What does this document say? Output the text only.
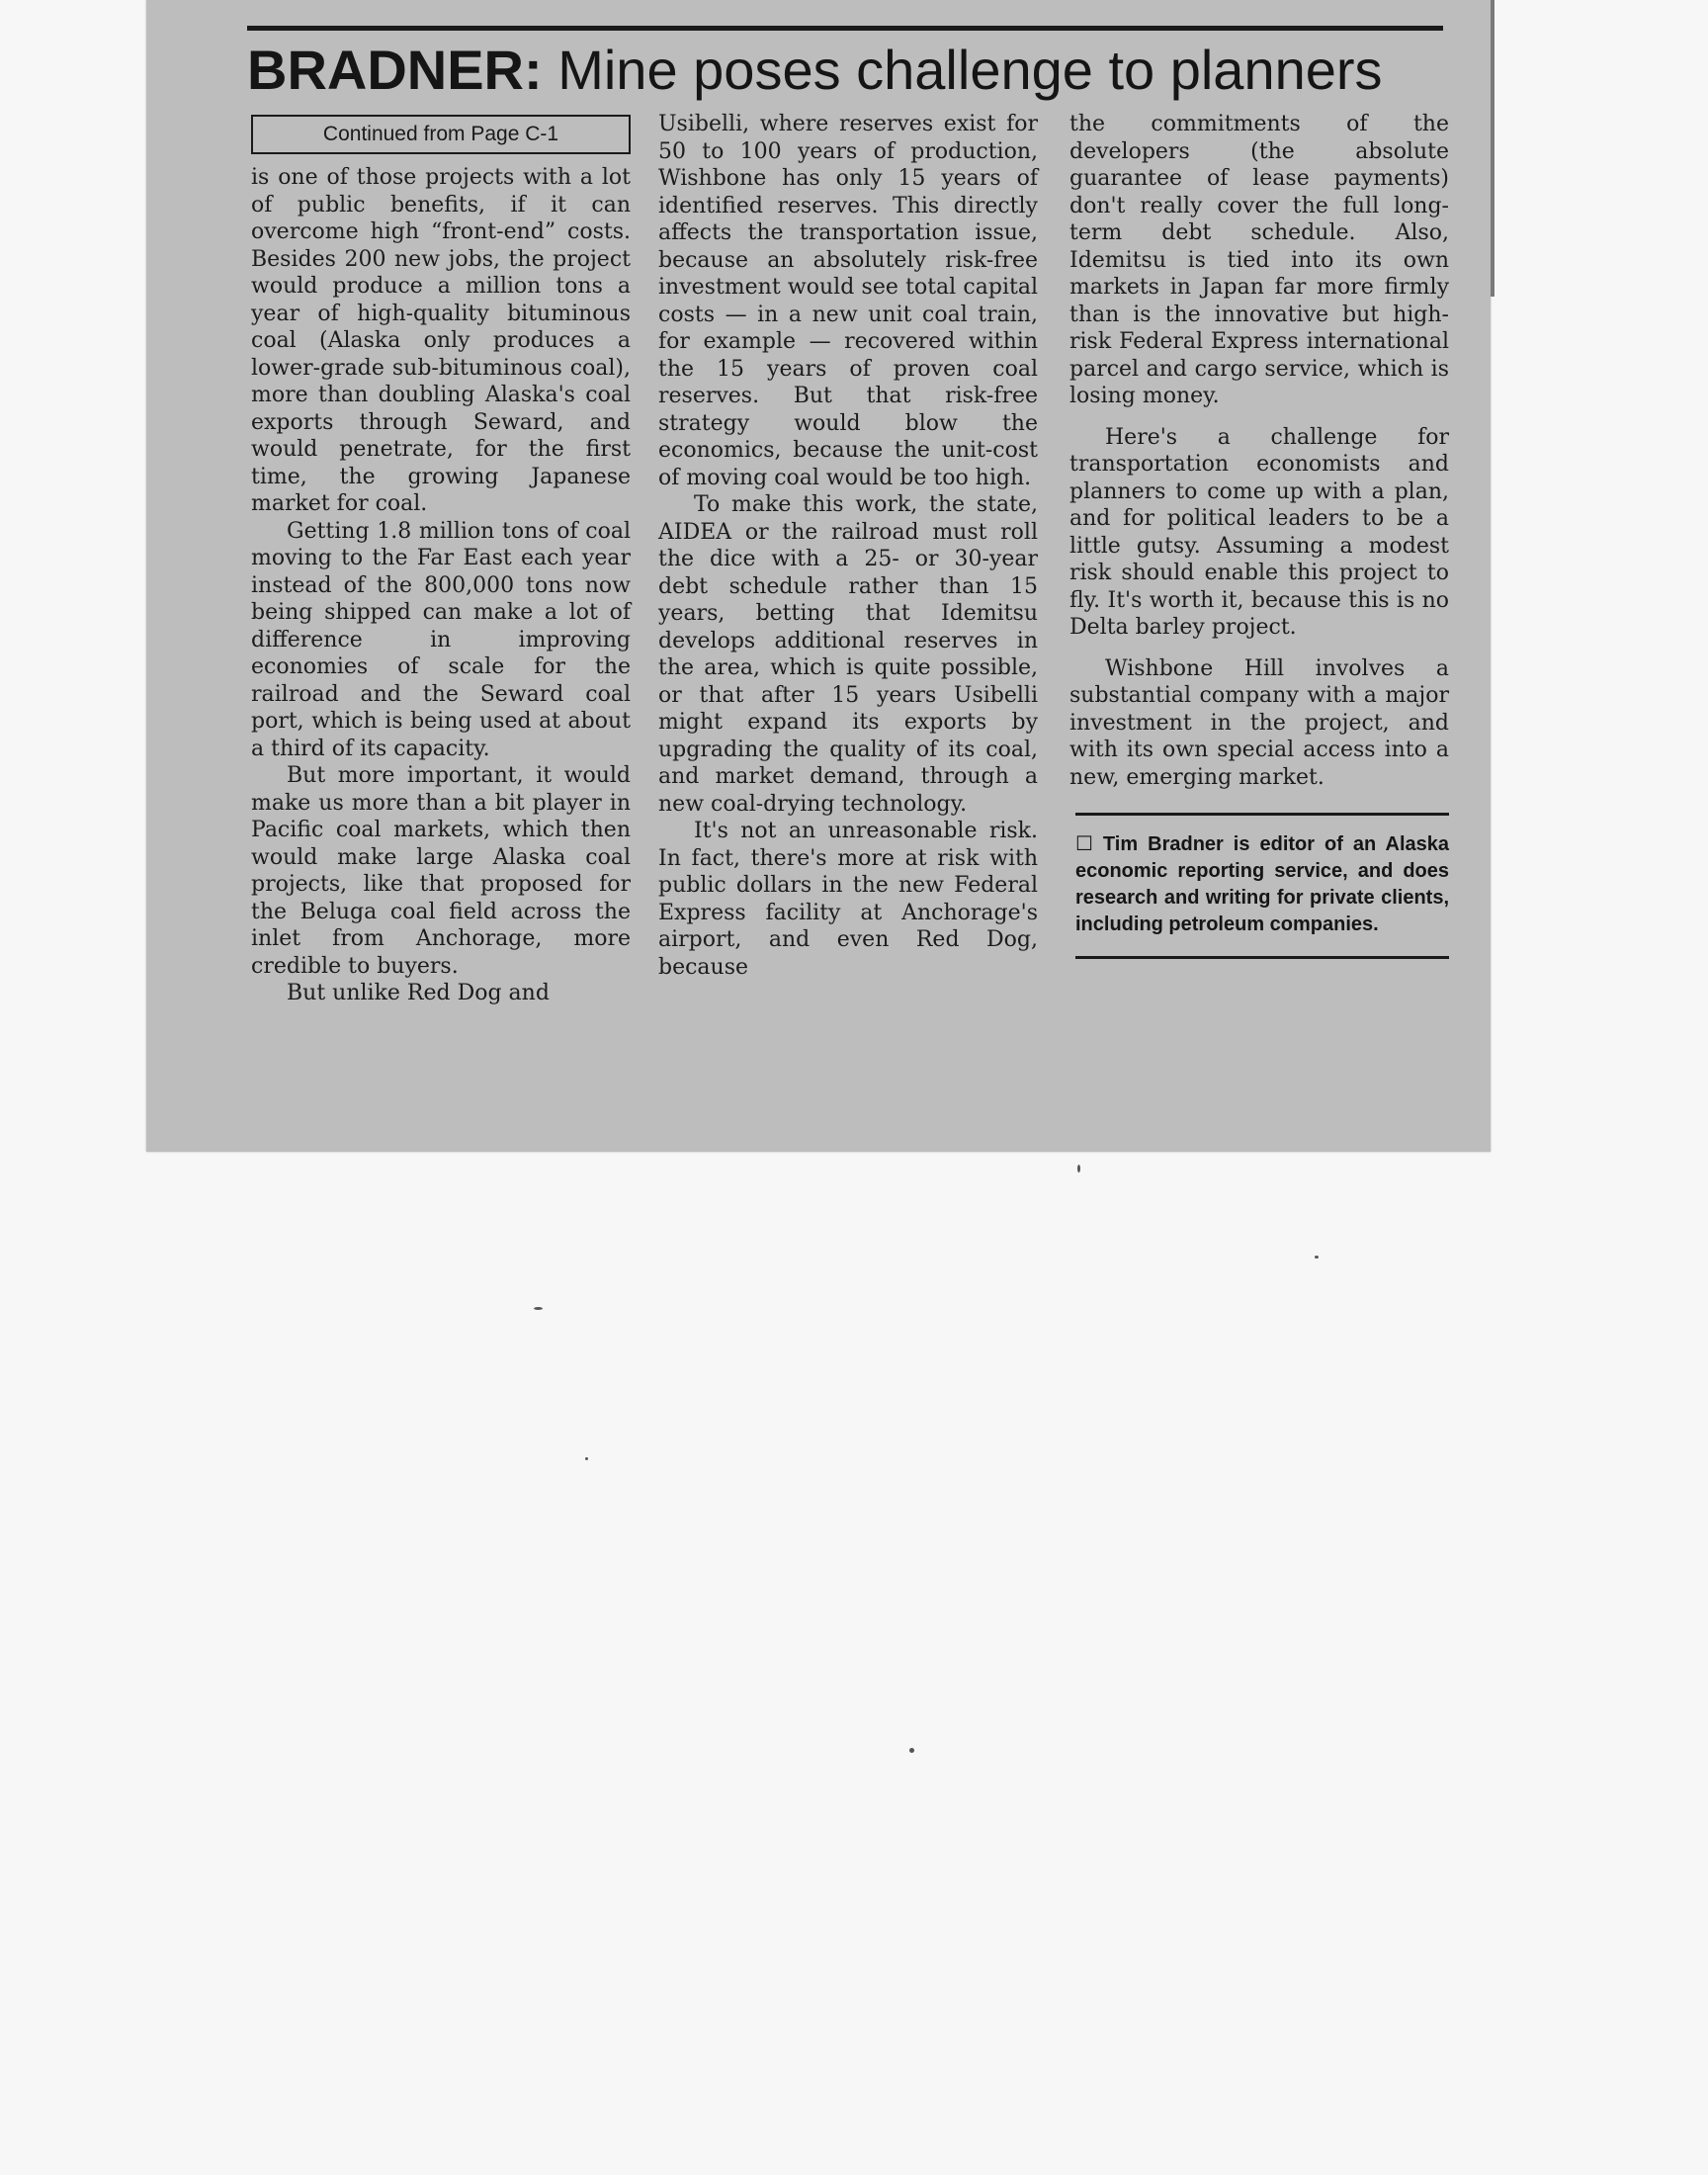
BRADNER: Mine poses challenge to planners
Continued from Page C-1

is one of those projects with a lot of public benefits, if it can overcome high “front-end” costs. Besides 200 new jobs, the project would produce a million tons a year of high-quality bituminous coal (Alaska only produces a lower-grade sub-bituminous coal), more than doubling Alaska's coal exports through Seward, and would penetrate, for the first time, the growing Japanese market for coal.

Getting 1.8 million tons of coal moving to the Far East each year instead of the 800,000 tons now being shipped can make a lot of difference in improving economies of scale for the railroad and the Seward coal port, which is being used at about a third of its capacity.

But more important, it would make us more than a bit player in Pacific coal markets, which then would make large Alaska coal projects, like that proposed for the Beluga coal field across the inlet from Anchorage, more credible to buyers.

But unlike Red Dog and

Usibelli, where reserves exist for 50 to 100 years of production, Wishbone has only 15 years of identified reserves. This directly affects the transportation issue, because an absolutely risk-free investment would see total capital costs — in a new unit coal train, for example — recovered within the 15 years of proven coal reserves. But that risk-free strategy would blow the economics, because the unit-cost of moving coal would be too high.

To make this work, the state, AIDEA or the railroad must roll the dice with a 25- or 30-year debt schedule rather than 15 years, betting that Idemitsu develops additional reserves in the area, which is quite possible, or that after 15 years Usibelli might expand its exports by upgrading the quality of its coal, and market demand, through a new coal-drying technology.

It's not an unreasonable risk. In fact, there's more at risk with public dollars in the new Federal Express facility at Anchorage's airport, and even Red Dog, because

the commitments of the developers (the absolute guarantee of lease payments) don't really cover the full long-term debt schedule. Also, Idemitsu is tied into its own markets in Japan far more firmly than is the innovative but high-risk Federal Express international parcel and cargo service, which is losing money.

Here's a challenge for transportation economists and planners to come up with a plan, and for political leaders to be a little gutsy. Assuming a modest risk should enable this project to fly. It's worth it, because this is no Delta barley project.

Wishbone Hill involves a substantial company with a major investment in the project, and with its own special access into a new, emerging market.

☐ Tim Bradner is editor of an Alaska economic reporting service, and does research and writing for private clients, including petroleum companies.
